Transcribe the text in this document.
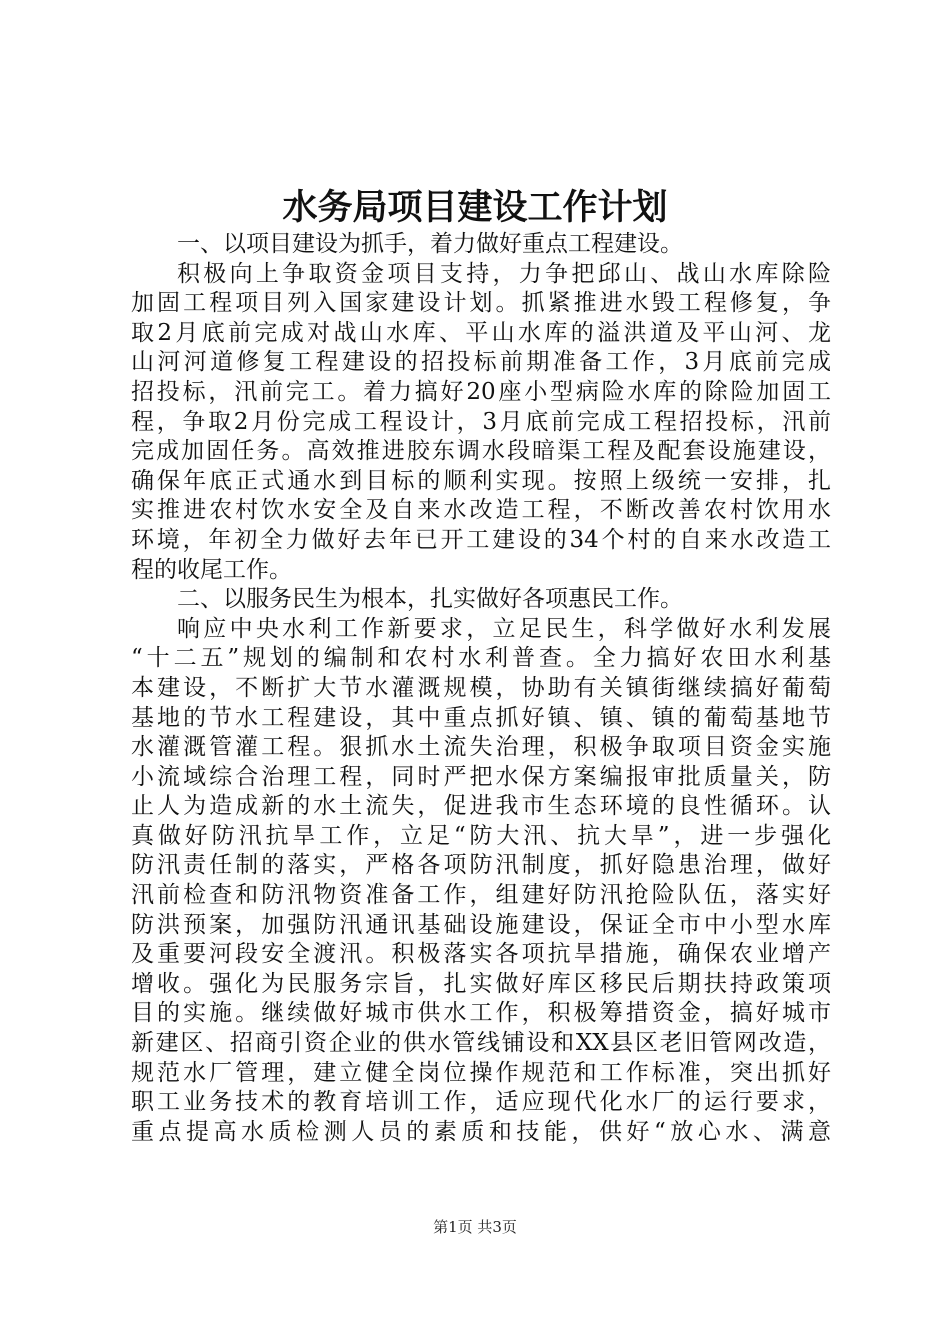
水务局项目建设工作计划
一、以项目建设为抓手，着力做好重点工程建设。
积极向上争取资金项目支持，力争把邱山、战山水库除险
加固工程项目列入国家建设计划。抓紧推进水毁工程修复，争
取2月底前完成对战山水库、平山水库的溢洪道及平山河、龙
山河河道修复工程建设的招投标前期准备工作，3月底前完成
招投标，汛前完工。着力搞好20座小型病险水库的除险加固工
程，争取2月份完成工程设计，3月底前完成工程招投标，汛前
完成加固任务。高效推进胶东调水段暗渠工程及配套设施建设，
确保年底正式通水到目标的顺利实现。按照上级统一安排，扎
实推进农村饮水安全及自来水改造工程，不断改善农村饮用水
环境，年初全力做好去年已开工建设的34个村的自来水改造工
程的收尾工作。
二、以服务民生为根本，扎实做好各项惠民工作。
响应中央水利工作新要求，立足民生，科学做好水利发展
“十二五”规划的编制和农村水利普查。全力搞好农田水利基
本建设，不断扩大节水灌溉规模，协助有关镇街继续搞好葡萄
基地的节水工程建设，其中重点抓好镇、镇、镇的葡萄基地节
水灌溉管灌工程。狠抓水土流失治理，积极争取项目资金实施
小流域综合治理工程，同时严把水保方案编报审批质量关，防
止人为造成新的水土流失，促进我市生态环境的良性循环。认
真做好防汛抗旱工作，立足“防大汛、抗大旱”，进一步强化
防汛责任制的落实，严格各项防汛制度，抓好隐患治理，做好
汛前检查和防汛物资准备工作，组建好防汛抢险队伍，落实好
防洪预案，加强防汛通讯基础设施建设，保证全市中小型水库
及重要河段安全渡汛。积极落实各项抗旱措施，确保农业增产
增收。强化为民服务宗旨，扎实做好库区移民后期扶持政策项
目的实施。继续做好城市供水工作，积极筹措资金，搞好城市
新建区、招商引资企业的供水管线铺设和XX县区老旧管网改造，
规范水厂管理，建立健全岗位操作规范和工作标准，突出抓好
职工业务技术的教育培训工作，适应现代化水厂的运行要求，
重点提高水质检测人员的素质和技能，供好“放心水、满意
第1页 共3页
